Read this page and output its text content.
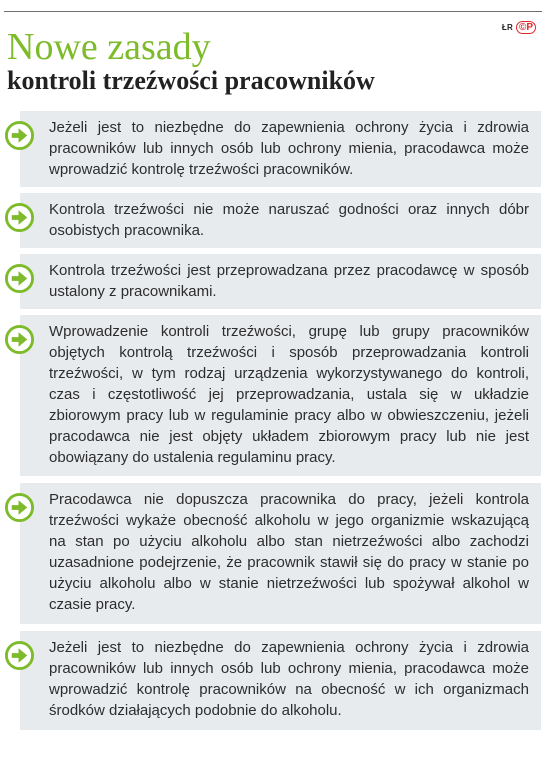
ŁR ©P
Nowe zasady
kontroli trzeźwości pracowników

Jeżeli jest to niezbędne do zapewnienia ochrony życia i zdrowia pracowników lub innych osób lub ochrony mienia, pracodawca może wprowadzić kontrolę trzeźwości pracowników.

Kontrola trzeźwości nie może naruszać godności oraz innych dóbr osobistych pracownika.

Kontrola trzeźwości jest przeprowadzana przez pracodawcę w sposób ustalony z pracownikami.

Wprowadzenie kontroli trzeźwości, grupę lub grupy pracowników objętych kontrolą trzeźwości i sposób przeprowadzania kontroli trzeźwości, w tym rodzaj urządzenia wykorzystywanego do kontroli, czas i częstotliwość jej przeprowadzania, ustala się w układzie zbiorowym pracy lub w regulaminie pracy albo w obwieszczeniu, jeżeli pracodawca nie jest objęty układem zbiorowym pracy lub nie jest obowiązany do ustalenia regulaminu pracy.

Pracodawca nie dopuszcza pracownika do pracy, jeżeli kontrola trzeźwości wykaże obecność alkoholu w jego organizmie wskazującą na stan po użyciu alkoholu albo stan nietrzeźwości albo zachodzi uzasadnione podejrzenie, że pracownik stawił się do pracy w stanie po użyciu alkoholu albo w stanie nietrzeźwości lub spożywał alkohol w czasie pracy.

Jeżeli jest to niezbędne do zapewnienia ochrony życia i zdrowia pracowników lub innych osób lub ochrony mienia, pracodawca może wprowadzić kontrolę pracowników na obecność w ich organizmach środków działających podobnie do alkoholu.
